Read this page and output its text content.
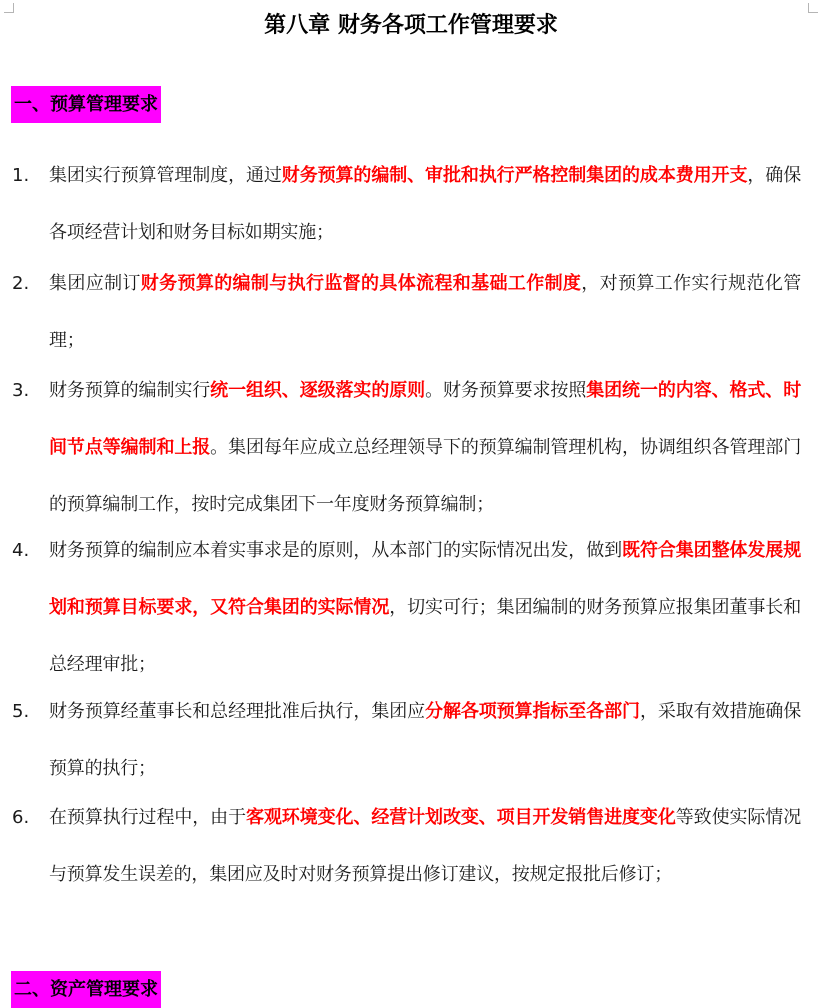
第八章 财务各项工作管理要求
一、预算管理要求
1. 集团实行预算管理制度，通过财务预算的编制、审批和执行严格控制集团的成本费用开支，确保各项经营计划和财务目标如期实施；
2. 集团应制订财务预算的编制与执行监督的具体流程和基础工作制度，对预算工作实行规范化管理；
3. 财务预算的编制实行统一组织、逐级落实的原则。财务预算要求按照集团统一的内容、格式、时间节点等编制和上报。集团每年应成立总经理领导下的预算编制管理机构，协调组织各管理部门的预算编制工作，按时完成集团下一年度财务预算编制；
4. 财务预算的编制应本着实事求是的原则，从本部门的实际情况出发，做到既符合集团整体发展规划和预算目标要求，又符合集团的实际情况，切实可行；集团编制的财务预算应报集团董事长和总经理审批；
5. 财务预算经董事长和总经理批准后执行，集团应分解各项预算指标至各部门，采取有效措施确保预算的执行；
6. 在预算执行过程中，由于客观环境变化、经营计划改变、项目开发销售进度变化等致使实际情况与预算发生误差的，集团应及时对财务预算提出修订建议，按规定报批后修订；
二、资产管理要求
